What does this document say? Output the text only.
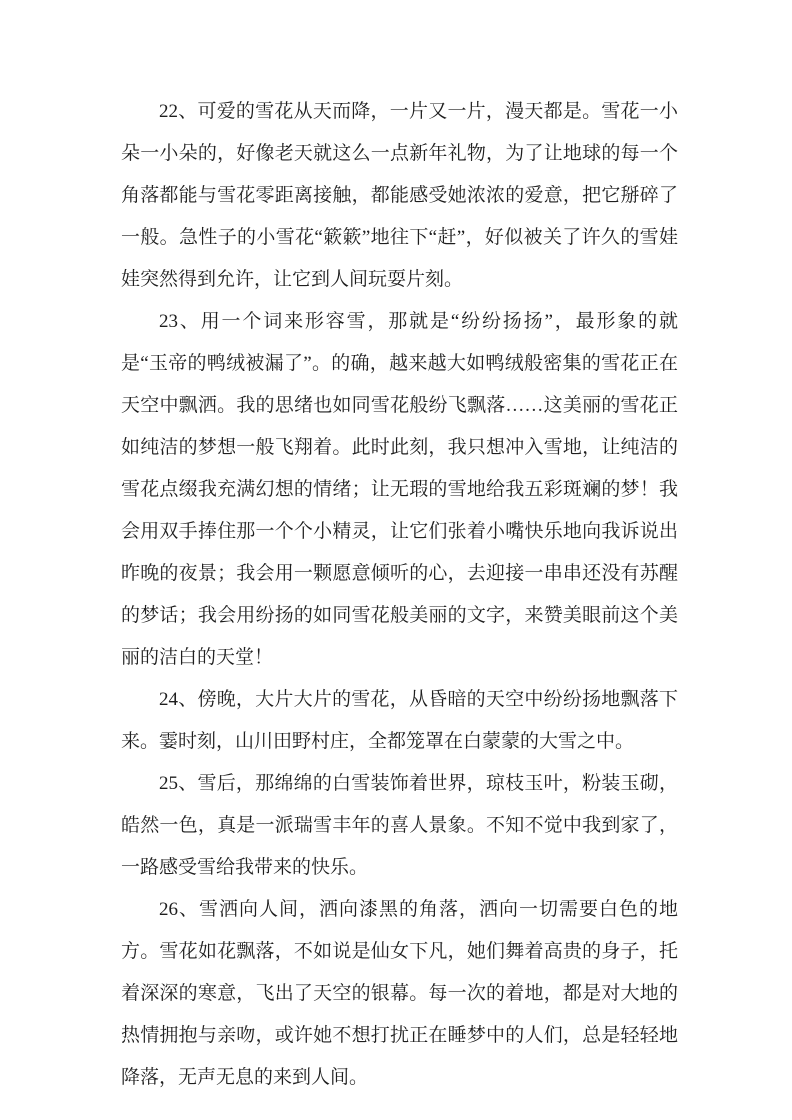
22、可爱的雪花从天而降，一片又一片，漫天都是。雪花一小朵一小朵的，好像老天就这么一点新年礼物，为了让地球的每一个角落都能与雪花零距离接触，都能感受她浓浓的爱意，把它掰碎了一般。急性子的小雪花“簌簌”地往下“赶”，好似被关了许久的雪娃娃突然得到允许，让它到人间玩耍片刻。

23、用一个词来形容雪，那就是“纷纷扬扬”，最形象的就是“玉帝的鸭绒被漏了”。的确，越来越大如鸭绒般密集的雪花正在天空中飘洒。我的思绪也如同雪花般纷飞飘落……这美丽的雪花正如纯洁的梦想一般飞翔着。此时此刻，我只想冲入雪地，让纯洁的雪花点缀我充满幻想的情绪；让无瑕的雪地给我五彩斑斓的梦！我会用双手捧住那一个个小精灵，让它们张着小嘴快乐地向我诉说出昨晚的夜景；我会用一颗愿意倾听的心，去迎接一串串还没有苏醒的梦话；我会用纷扬的如同雪花般美丽的文字，来赞美眼前这个美丽的洁白的天堂！

24、傍晚，大片大片的雪花，从昏暗的天空中纷纷扬地飘落下来。霎时刻，山川田野村庄，全都笼罩在白蒙蒙的大雪之中。

25、雪后，那绵绵的白雪装饰着世界，琼枝玉叶，粉装玉砌，皓然一色，真是一派瑞雪丰年的喜人景象。不知不觉中我到家了，一路感受雪给我带来的快乐。

26、雪洒向人间，洒向漆黑的角落，洒向一切需要白色的地方。雪花如花飘落，不如说是仙女下凡，她们舞着高贵的身子，托着深深的寒意，飞出了天空的银幕。每一次的着地，都是对大地的热情拥抱与亲吻，或许她不想打扰正在睡梦中的人们，总是轻轻地降落，无声无息的来到人间。
